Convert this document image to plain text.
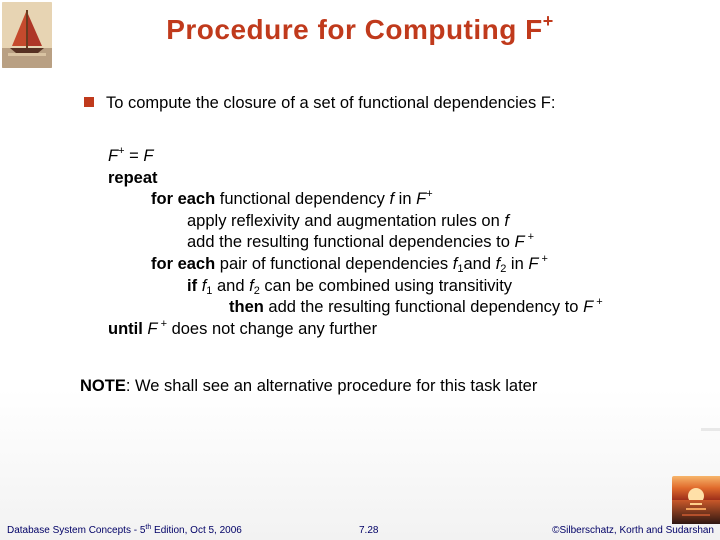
Procedure for Computing F+
To compute the closure of a set of functional dependencies F:
F+ = F
repeat
for each functional dependency f in F+
apply reflexivity and augmentation rules on f
add the resulting functional dependencies to F +
for each pair of functional dependencies $f_1and$ $f_2$ in F +
if $f_1$ and $f_2$ can be combined using transitivity
then add the resulting functional dependency to F +
until F + does not change any further
NOTE: We shall see an alternative procedure for this task later
Database System Concepts - 5th Edition, Oct 5, 2006	7.28	©Silberschatz, Korth and Sudarshan
